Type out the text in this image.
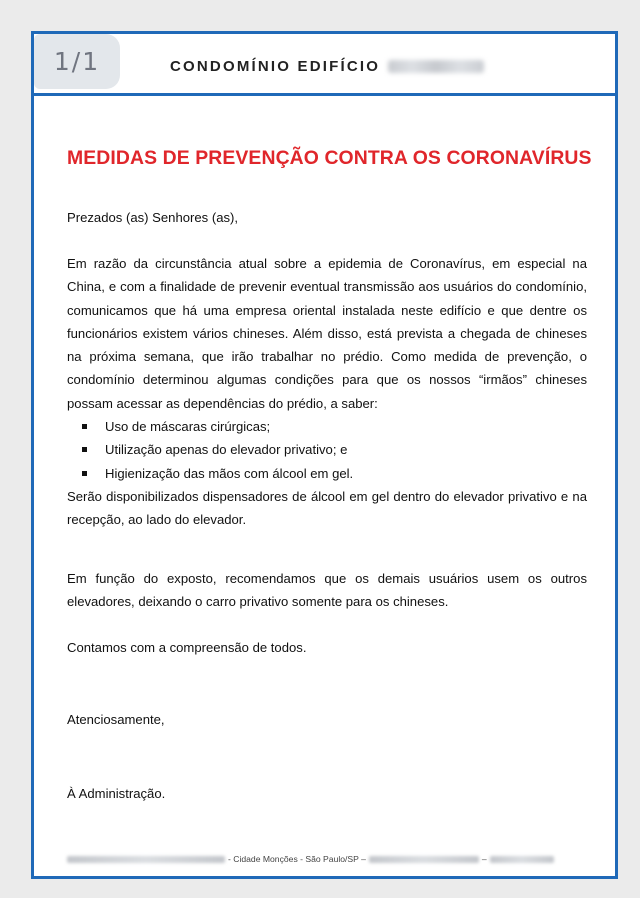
1/1	CONDOMÍNIO EDIFÍCIO
MEDIDAS DE PREVENÇÃO CONTRA OS CORONAVÍRUS
Prezados (as) Senhores (as),
Em razão da circunstância atual sobre a epidemia de Coronavírus, em especial na China, e com a finalidade de prevenir eventual transmissão aos usuários do condomínio, comunicamos que há uma empresa oriental instalada neste edifício e que dentre os funcionários existem vários chineses. Além disso, está prevista a chegada de chineses na próxima semana, que irão trabalhar no prédio. Como medida de prevenção, o condomínio determinou algumas condições para que os nossos “irmãos” chineses possam acessar as dependências do prédio, a saber:
Uso de máscaras cirúrgicas;
Utilização apenas do elevador privativo; e
Higienização das mãos com álcool em gel.
Serão disponibilizados dispensadores de álcool em gel dentro do elevador privativo e na recepção, ao lado do elevador.
Em função do exposto, recomendamos que os demais usuários usem os outros elevadores, deixando o carro privativo somente para os chineses.
Contamos com a compreensão de todos.
Atenciosamente,
À Administração.
- Cidade Monções - São Paulo/SP –	–
